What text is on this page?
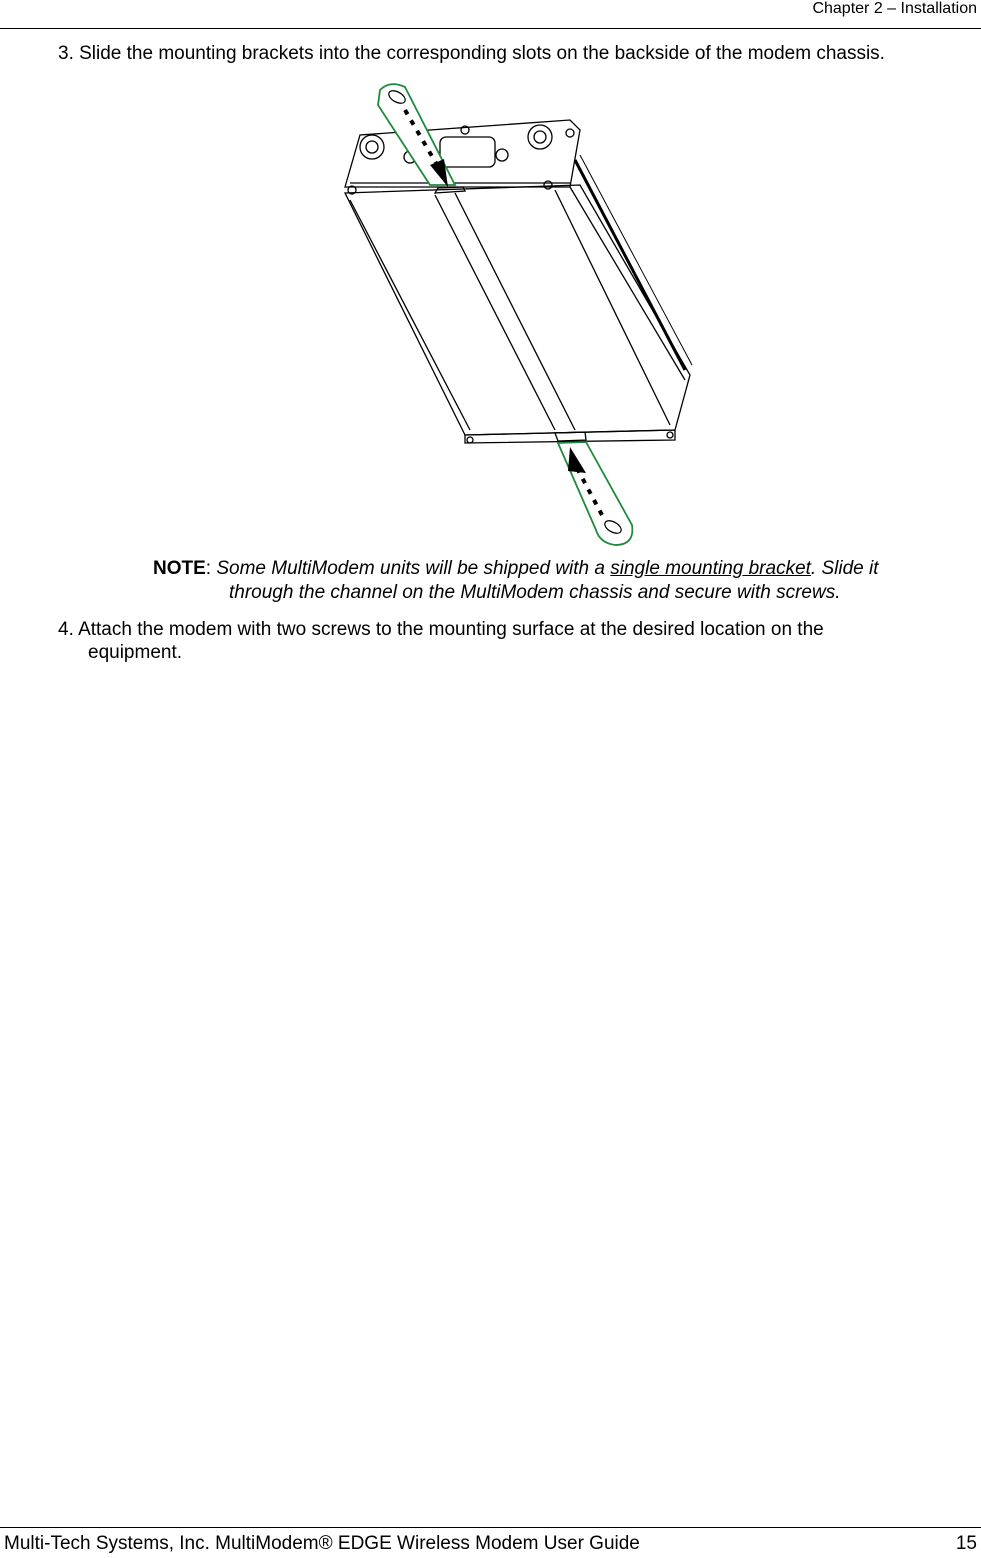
Chapter 2 – Installation
3. Slide the mounting brackets into the corresponding slots on the backside of the modem chassis.
NOTE: Some MultiModem units will be shipped with a single mounting bracket. Slide it
through the channel on the MultiModem chassis and secure with screws.
4. Attach the modem with two screws to the mounting surface at the desired location on the
equipment.
Multi-Tech Systems, Inc. MultiModem® EDGE Wireless Modem User Guide	15
